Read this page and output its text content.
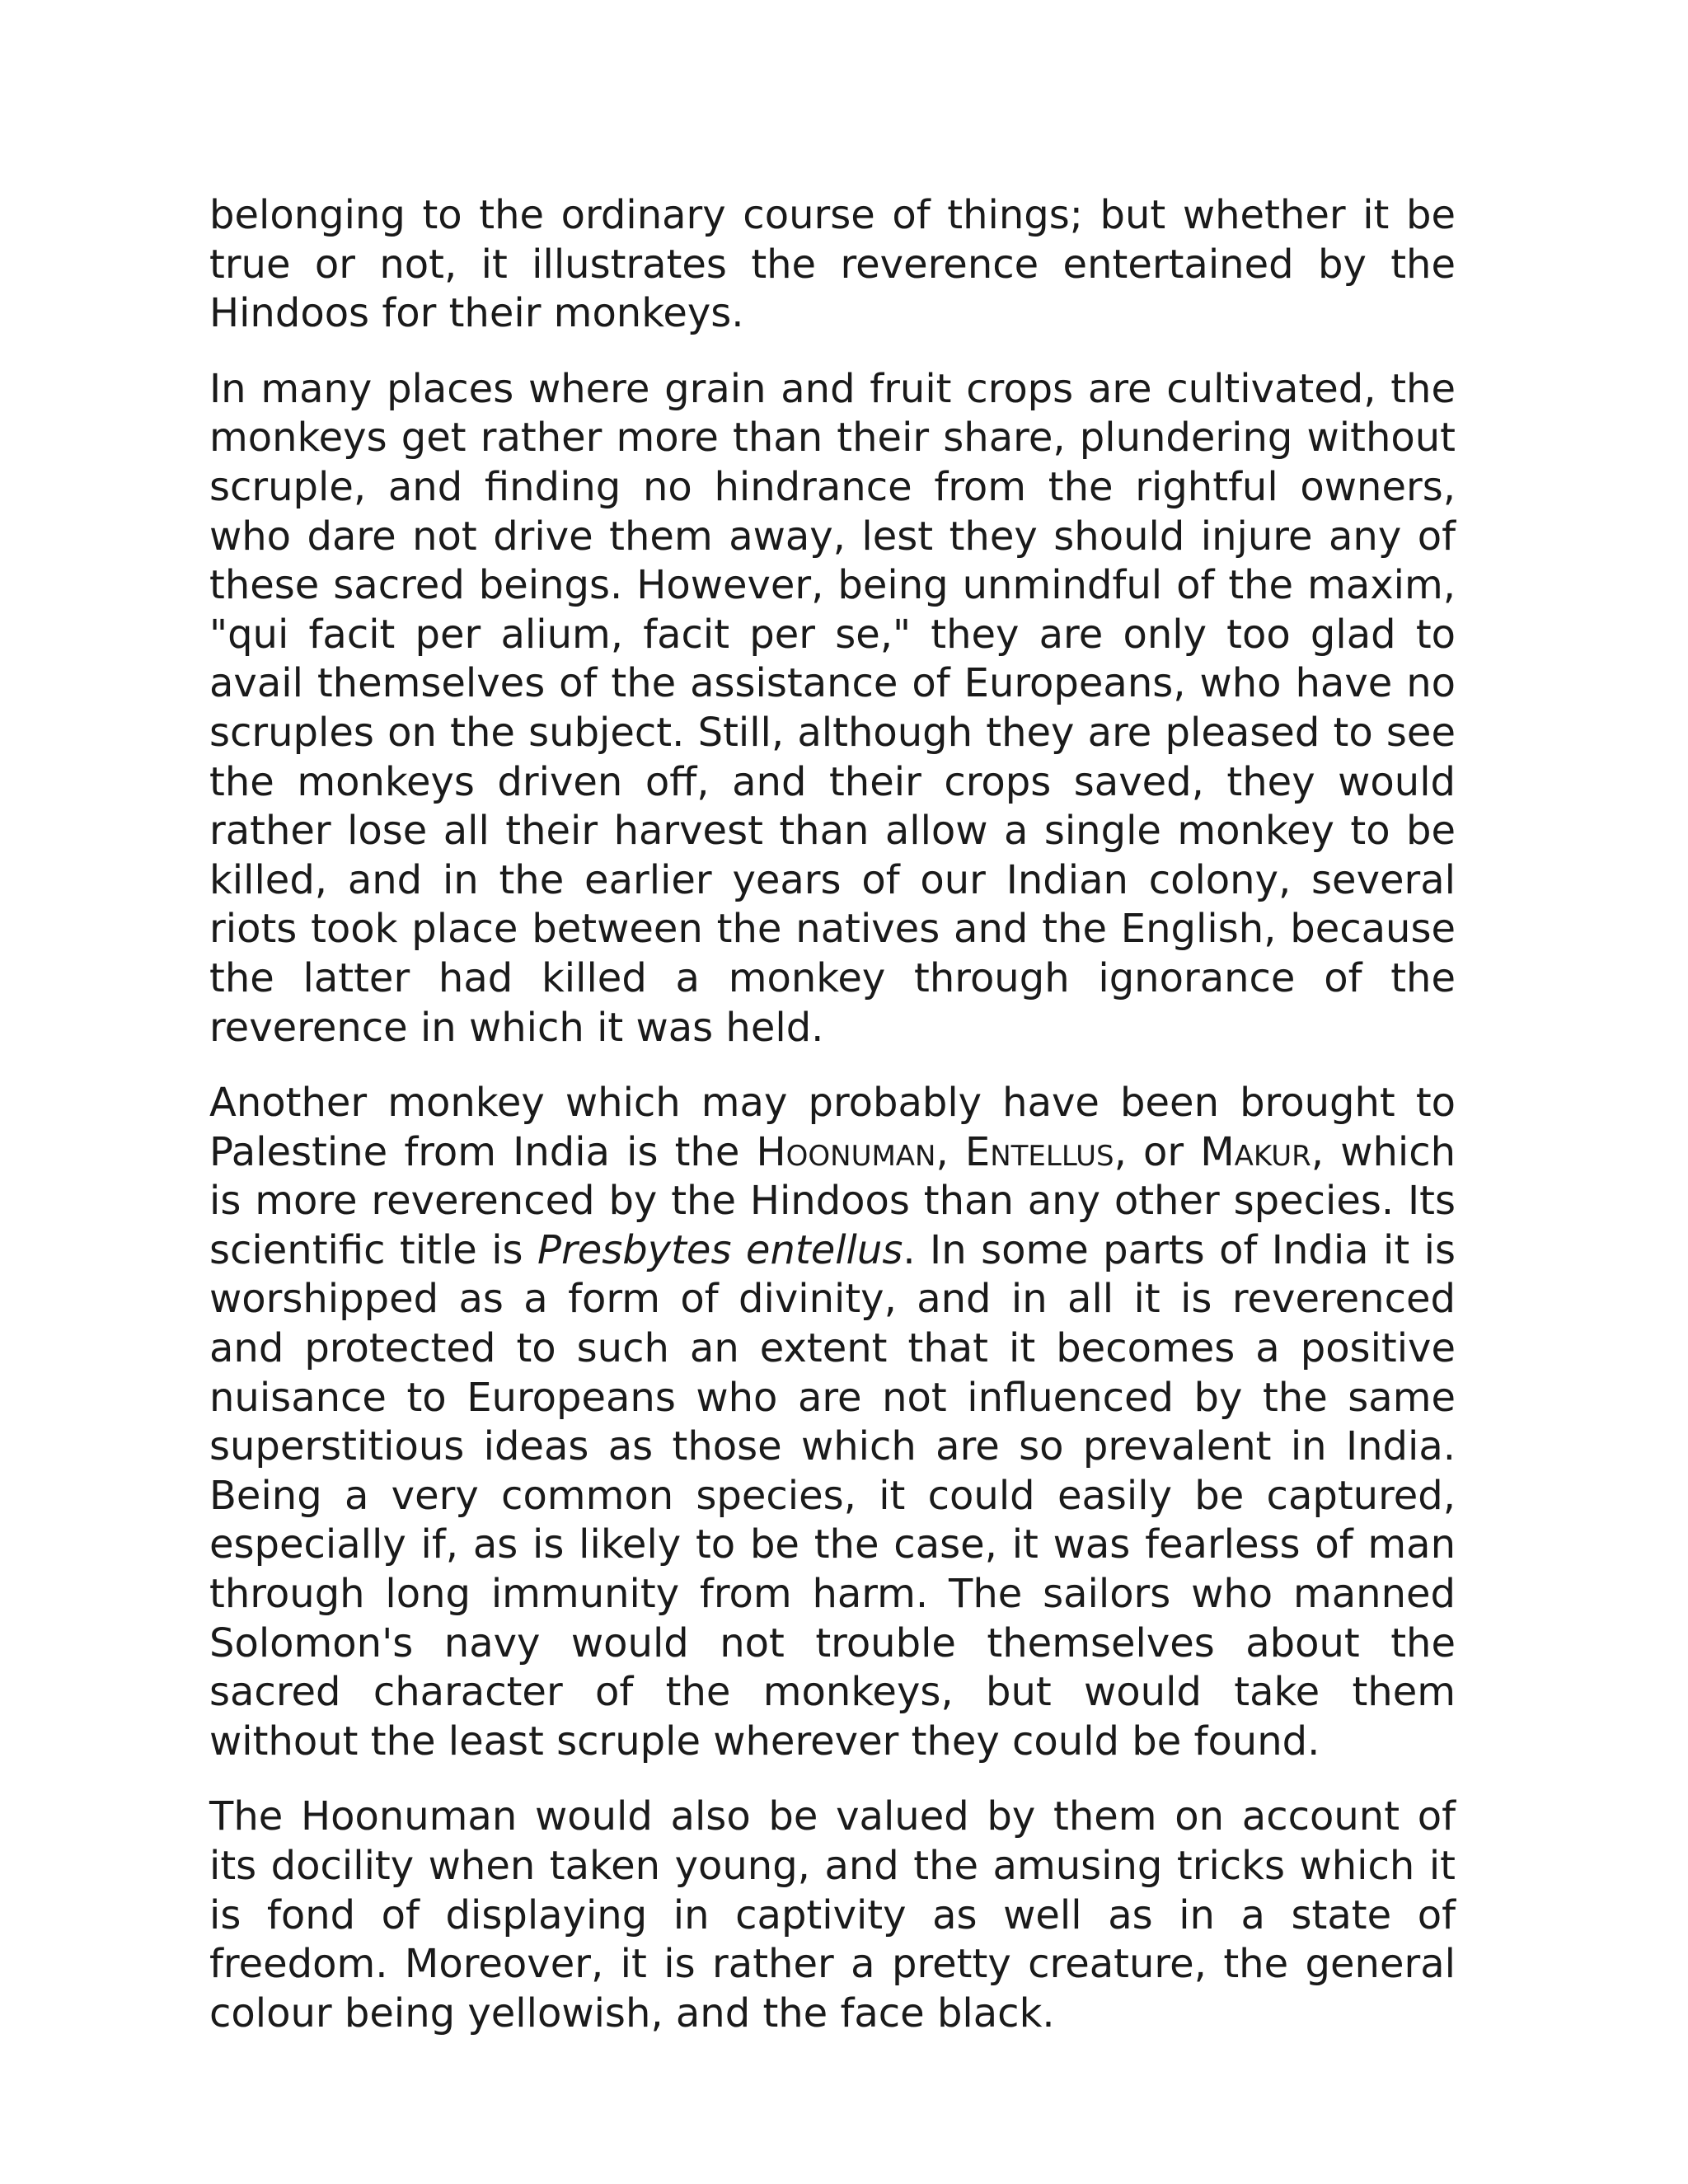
belonging to the ordinary course of things; but whether it be true or not, it illustrates the reverence entertained by the Hindoos for their monkeys.

In many places where grain and fruit crops are cultivated, the monkeys get rather more than their share, plundering without scruple, and finding no hindrance from the rightful owners, who dare not drive them away, lest they should injure any of these sacred beings. However, being unmindful of the maxim, "qui facit per alium, facit per se," they are only too glad to avail themselves of the assistance of Europeans, who have no scruples on the subject. Still, although they are pleased to see the monkeys driven off, and their crops saved, they would rather lose all their harvest than allow a single monkey to be killed, and in the earlier years of our Indian colony, several riots took place between the natives and the English, because the latter had killed a monkey through ignorance of the reverence in which it was held.

Another monkey which may probably have been brought to Palestine from India is the Hoonuman, Entellus, or Makur, which is more reverenced by the Hindoos than any other species. Its scientific title is Presbytes entellus. In some parts of India it is worshipped as a form of divinity, and in all it is reverenced and protected to such an extent that it becomes a positive nuisance to Europeans who are not influenced by the same superstitious ideas as those which are so prevalent in India. Being a very common species, it could easily be captured, especially if, as is likely to be the case, it was fearless of man through long immunity from harm. The sailors who manned Solomon's navy would not trouble themselves about the sacred character of the monkeys, but would take them without the least scruple wherever they could be found.

The Hoonuman would also be valued by them on account of its docility when taken young, and the amusing tricks which it is fond of displaying in captivity as well as in a state of freedom. Moreover, it is rather a pretty creature, the general colour being yellowish, and the face black.
